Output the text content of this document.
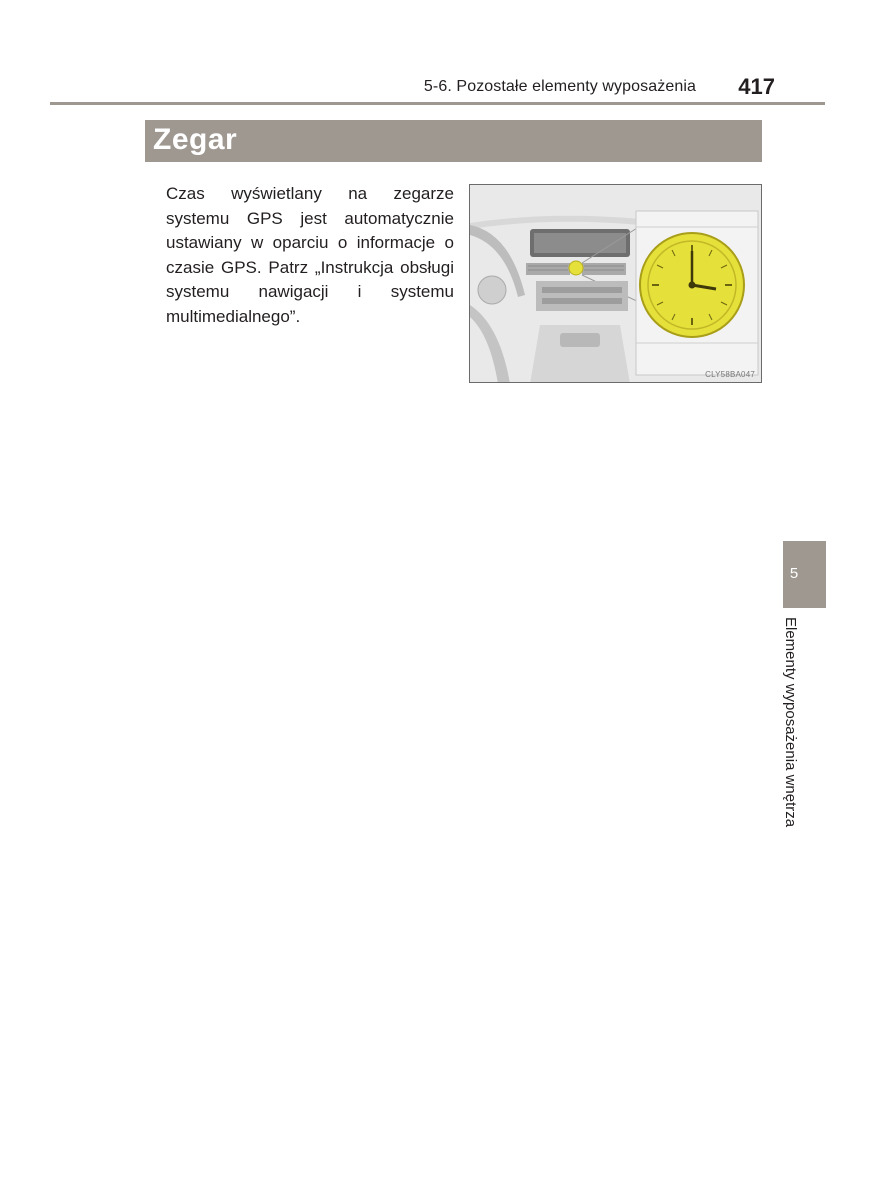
5-6. Pozostałe elementy wyposażenia	417
Zegar
Czas wyświetlany na zegarze systemu GPS jest automatycznie ustawiany w oparciu o informacje o czasie GPS. Patrz „Instrukcja obsługi systemu nawigacji i systemu multimedialnego”.
CLY58BA047
5
Elementy wyposażenia wnętrza
